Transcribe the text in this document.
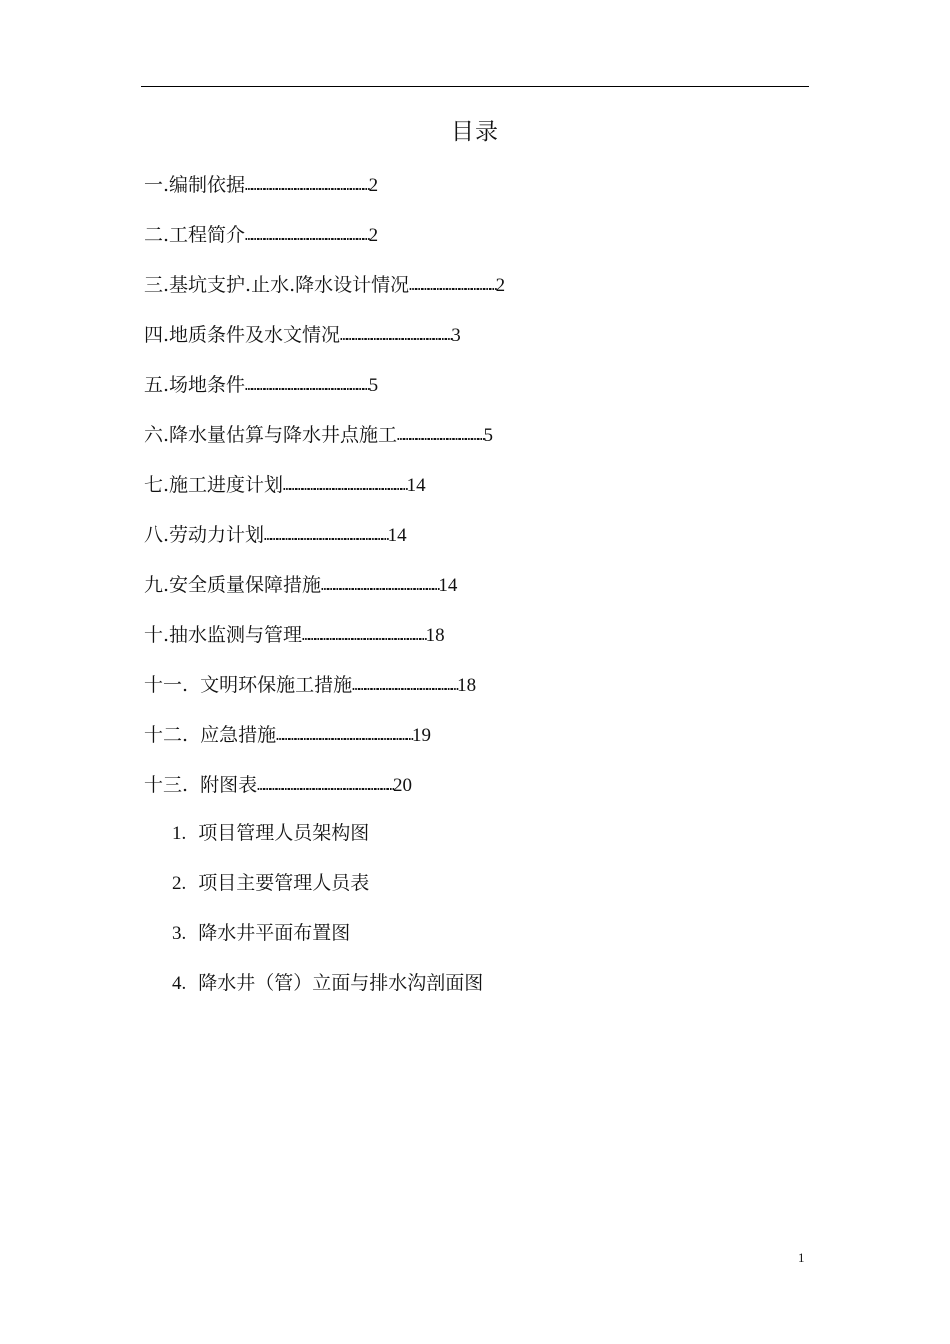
目录
一.编制依据……………………………………………………2
二.工程简介……………………………………………………2
三.基坑支护.止水.降水设计情况……………………………………2
四.地质条件及水文情况………………………………………………3
五.场地条件……………………………………………………5
六.降水量估算与降水井点施工……………………………………5
七.施工进度计划……………………………………………………14
八.劳动力计划……………………………………………………14
九.安全质量保障措施…………………………………………………14
十.抽水监测与管理……………………………………………………18
十一.  文明环保施工措施……………………………………………18
十二.  应急措施…………………………………………………………19
十三.  附图表…………………………………………………………20
1. 项目管理人员架构图
2. 项目主要管理人员表
3. 降水井平面布置图
4. 降水井（管）立面与排水沟剖面图
1
